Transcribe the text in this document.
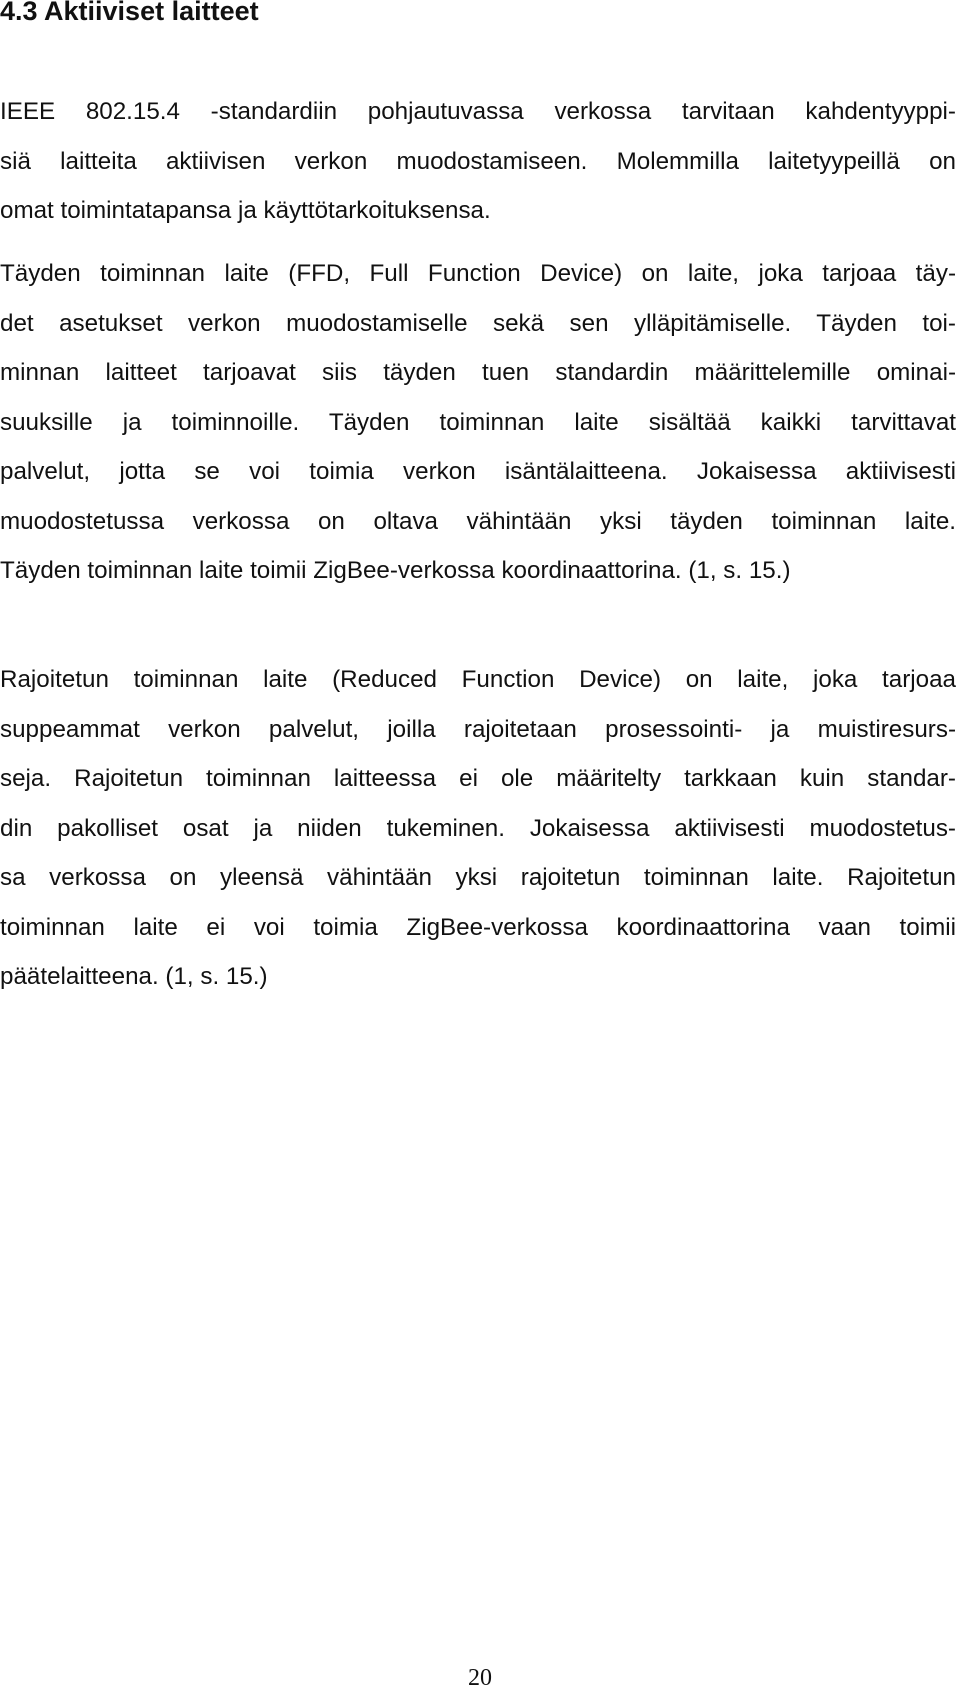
4.3 Aktiiviset laitteet

IEEE 802.15.4 -standardiin pohjautuvassa verkossa tarvitaan kahdentyyppi-
siä laitteita aktiivisen verkon muodostamiseen. Molemmilla laitetyypeillä on
omat toimintatapansa ja käyttötarkoituksensa.

Täyden toiminnan laite (FFD, Full Function Device) on laite, joka tarjoaa täy-
det asetukset verkon muodostamiselle sekä sen ylläpitämiselle. Täyden toi-
minnan laitteet tarjoavat siis täyden tuen standardin määrittelemille ominai-
suuksille ja toiminnoille. Täyden toiminnan laite sisältää kaikki tarvittavat
palvelut, jotta se voi toimia verkon isäntälaitteena. Jokaisessa aktiivisesti
muodostetussa verkossa on oltava vähintään yksi täyden toiminnan laite.
Täyden toiminnan laite toimii ZigBee-verkossa koordinaattorina. (1, s. 15.)

Rajoitetun toiminnan laite (Reduced Function Device) on laite, joka tarjoaa
suppeammat verkon palvelut, joilla rajoitetaan prosessointi- ja muistiresurs-
seja. Rajoitetun toiminnan laitteessa ei ole määritelty tarkkaan kuin standar-
din pakolliset osat ja niiden tukeminen. Jokaisessa aktiivisesti muodostetus-
sa verkossa on yleensä vähintään yksi rajoitetun toiminnan laite. Rajoitetun
toiminnan laite ei voi toimia ZigBee-verkossa koordinaattorina vaan toimii
päätelaitteena. (1, s. 15.)

20
